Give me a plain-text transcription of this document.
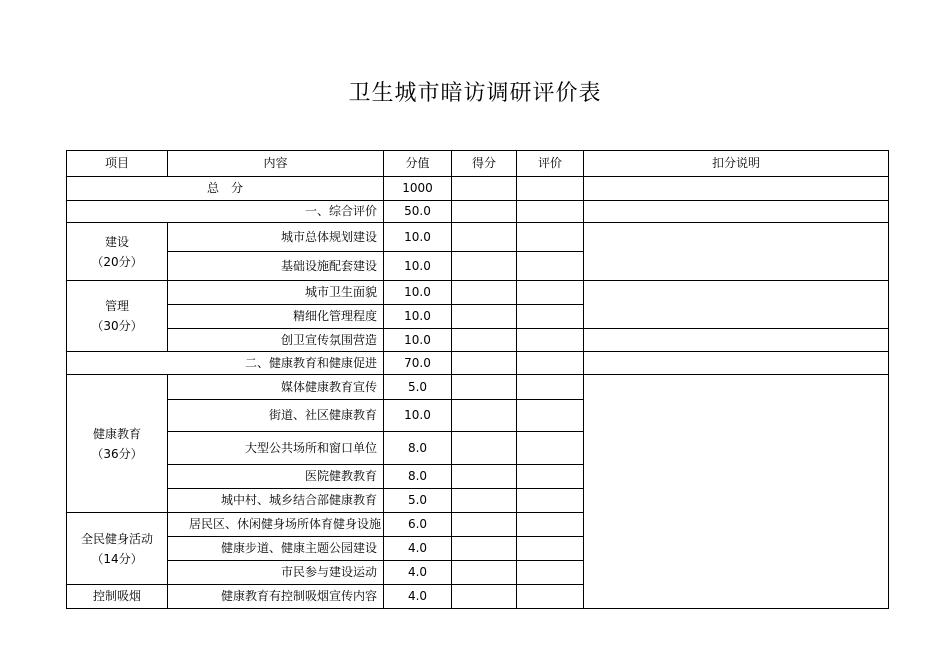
卫生城市暗访调研评价表
项目	内容	分值	得分	评价	扣分说明	
总　分		1000				
一、综合评价		50.0				

建设
（20分）	城市总体规划建设	10.0				
	基础设施配套建设	10.0				

管理
（30分）	城市卫生面貌	10.0				
	精细化管理程度	10.0				
	创卫宣传氛围营造	10.0				
二、健康教育和健康促进		70.0				

健康教育
（36分）	媒体健康教育宣传	5.0				
	街道、社区健康教育	10.0				
	大型公共场所和窗口单位	8.0				
	医院健教教育	8.0				
	城中村、城乡结合部健康教育	5.0				

全民健身活动
（14分）	居民区、休闲健身场所体育健身设施	6.0				
	健康步道、健康主题公园建设	4.0				
	市民参与建设运动	4.0				
控制吸烟	健康教育有控制吸烟宣传内容	4.0				
